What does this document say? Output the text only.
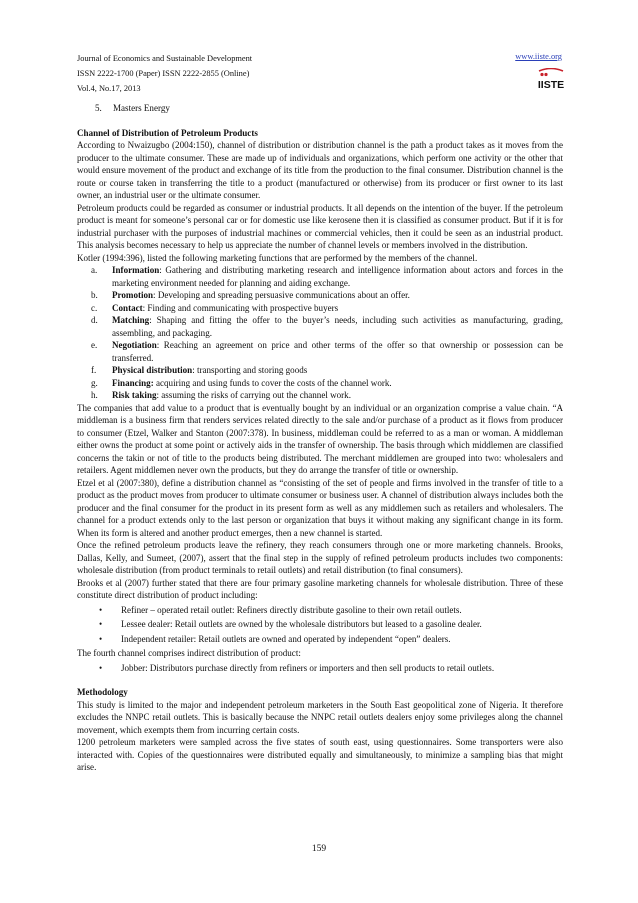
Journal of Economics and Sustainable Development
ISSN 2222-1700 (Paper) ISSN 2222-2855 (Online)
Vol.4, No.17, 2013
www.iiste.org
IISTE

5. Masters Energy

Channel of Distribution of Petroleum Products

According to Nwaizugbo (2004:150), channel of distribution or distribution channel is the path a product takes as it moves from the producer to the ultimate consumer. These are made up of individuals and organizations, which perform one activity or the other that would ensure movement of the product and exchange of its title from the production to the final consumer. Distribution channel is the route or course taken in transferring the title to a product (manufactured or otherwise) from its producer or first owner to its last owner, an industrial user or the ultimate consumer.

Petroleum products could be regarded as consumer or industrial products. It all depends on the intention of the buyer. If the petroleum product is meant for someone’s personal car or for domestic use like kerosene then it is classified as consumer product. But if it is for industrial purchaser with the purposes of industrial machines or commercial vehicles, then it could be seen as an industrial product. This analysis becomes necessary to help us appreciate the number of channel levels or members involved in the distribution.

Kotler (1994:396), listed the following marketing functions that are performed by the members of the channel.

a. Information: Gathering and distributing marketing research and intelligence information about actors and forces in the marketing environment needed for planning and aiding exchange.
b. Promotion: Developing and spreading persuasive communications about an offer.
c. Contact: Finding and communicating with prospective buyers
d. Matching: Shaping and fitting the offer to the buyer’s needs, including such activities as manufacturing, grading, assembling, and packaging.
e. Negotiation: Reaching an agreement on price and other terms of the offer so that ownership or possession can be transferred.
f. Physical distribution: transporting and storing goods
g. Financing: acquiring and using funds to cover the costs of the channel work.
h. Risk taking: assuming the risks of carrying out the channel work.

The companies that add value to a product that is eventually bought by an individual or an organization comprise a value chain. “A middleman is a business firm that renders services related directly to the sale and/or purchase of a product as it flows from producer to consumer (Etzel, Walker and Stanton (2007:378). In business, middleman could be referred to as a man or woman. A middleman either owns the product at some point or actively aids in the transfer of ownership. The basis through which middlemen are classified concerns the takin or not of title to the products being distributed. The merchant middlemen are grouped into two: wholesalers and retailers. Agent middlemen never own the products, but they do arrange the transfer of title or ownership.

Etzel et al (2007:380), define a distribution channel as “consisting of the set of people and firms involved in the transfer of title to a product as the product moves from producer to ultimate consumer or business user. A channel of distribution always includes both the producer and the final consumer for the product in its present form as well as any middlemen such as retailers and wholesalers. The channel for a product extends only to the last person or organization that buys it without making any significant change in its form. When its form is altered and another product emerges, then a new channel is started.

Once the refined petroleum products leave the refinery, they reach consumers through one or more marketing channels. Brooks, Dallas, Kelly, and Sumeet, (2007), assert that the final step in the supply of refined petroleum products includes two components: wholesale distribution (from product terminals to retail outlets) and retail distribution (to final consumers).

Brooks et al (2007) further stated that there are four primary gasoline marketing channels for wholesale distribution. Three of these constitute direct distribution of product including:

• Refiner – operated retail outlet: Refiners directly distribute gasoline to their own retail outlets.
• Lessee dealer: Retail outlets are owned by the wholesale distributors but leased to a gasoline dealer.
• Independent retailer: Retail outlets are owned and operated by independent “open” dealers.

The fourth channel comprises indirect distribution of product:

• Jobber: Distributors purchase directly from refiners or importers and then sell products to retail outlets.

Methodology

This study is limited to the major and independent petroleum marketers in the South East geopolitical zone of Nigeria. It therefore excludes the NNPC retail outlets. This is basically because the NNPC retail outlets dealers enjoy some privileges along the channel movement, which exempts them from incurring certain costs.

1200 petroleum marketers were sampled across the five states of south east, using questionnaires. Some transporters were also interacted with. Copies of the questionnaires were distributed equally and simultaneously, to minimize a sampling bias that might arise.

159
